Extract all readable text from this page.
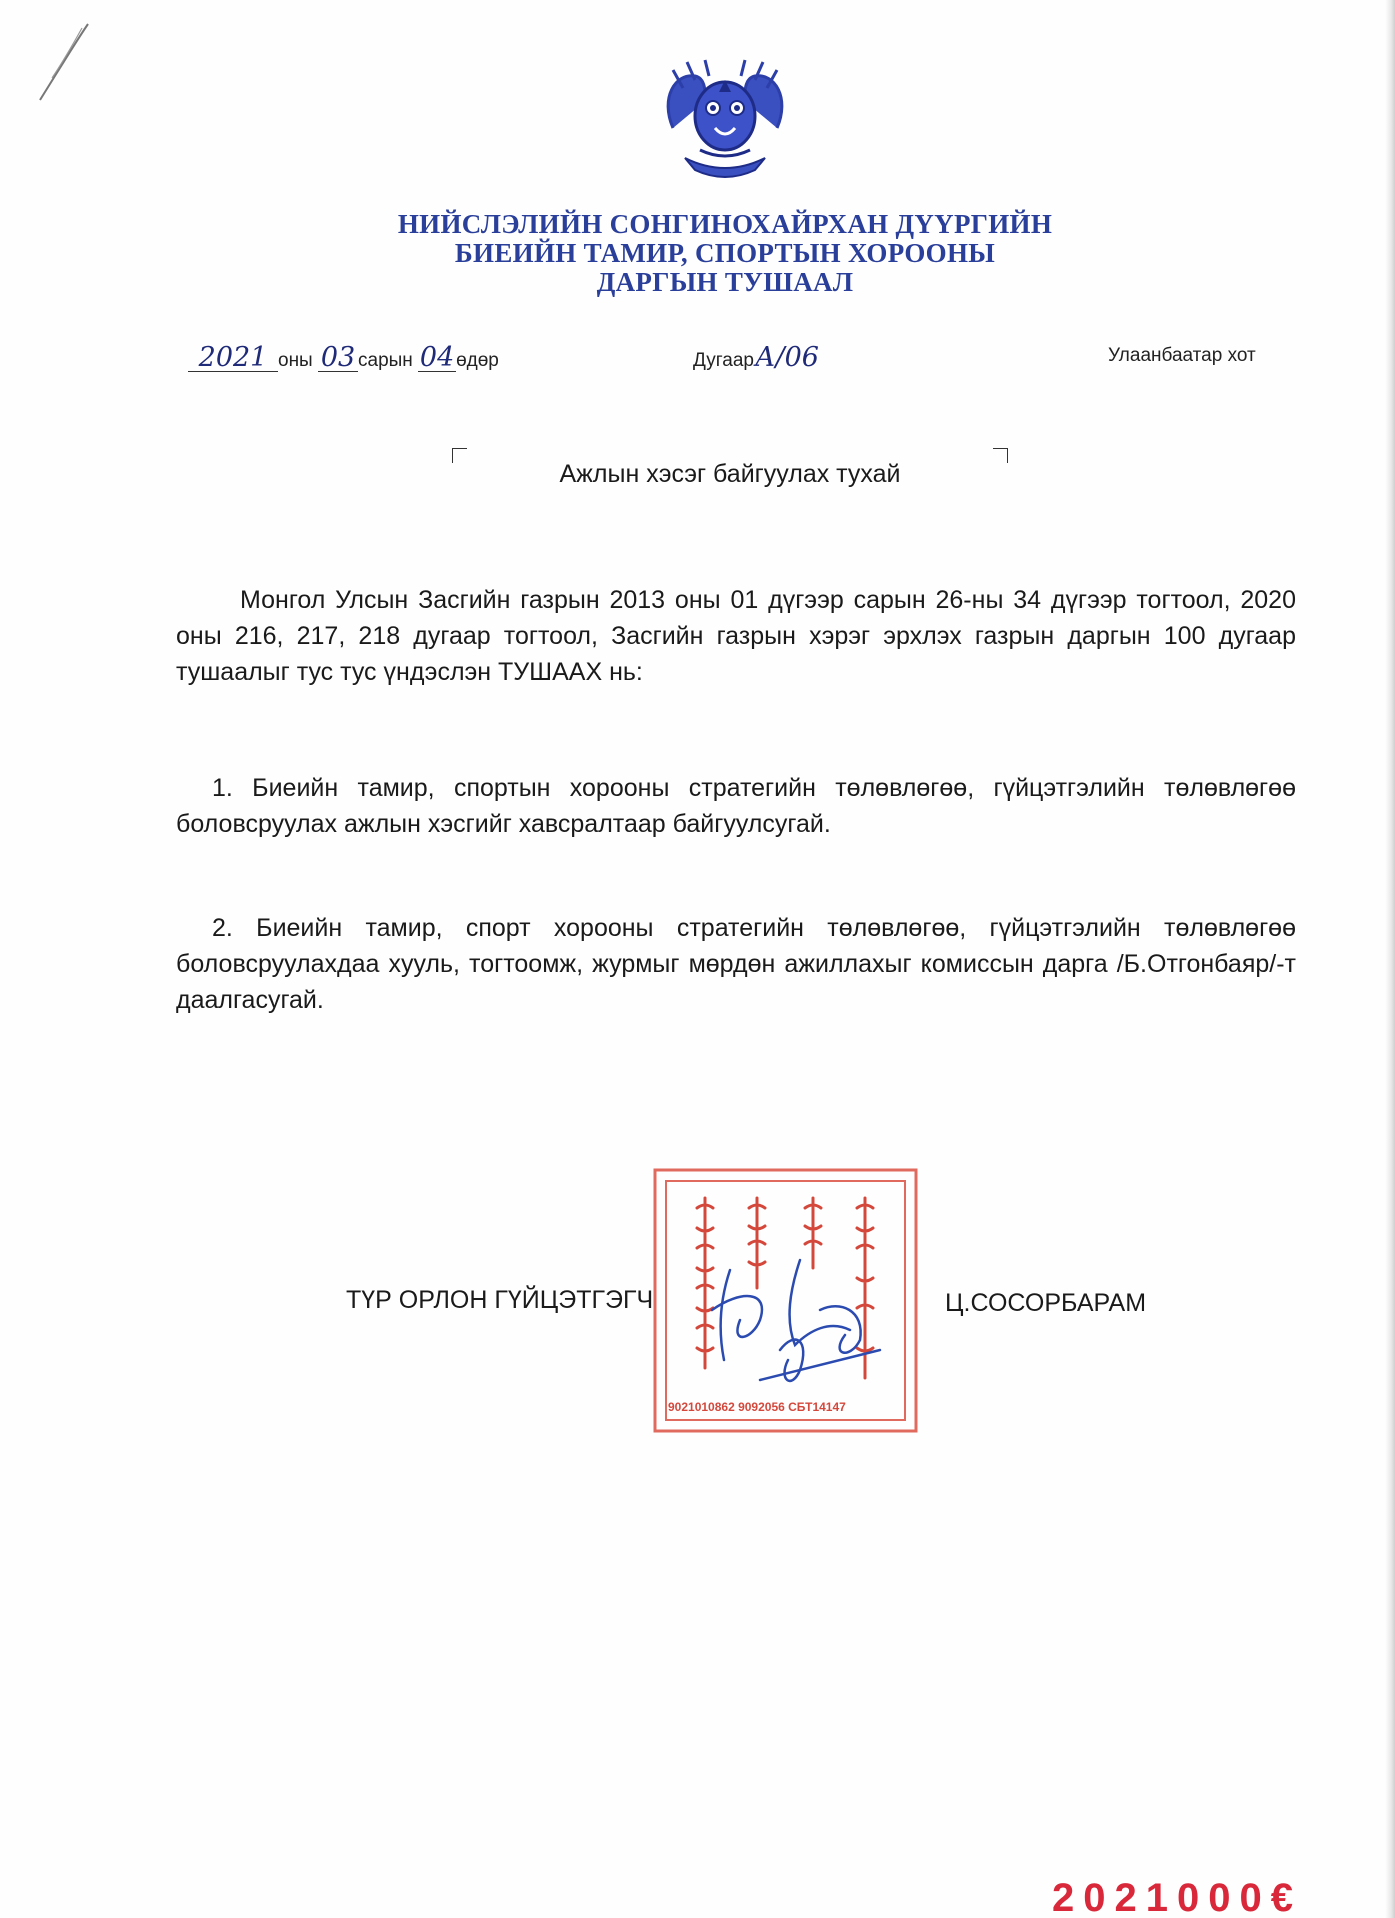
НИЙСЛЭЛИЙН СОНГИНОХАЙРХАН ДҮҮРГИЙН
БИЕИЙН ТАМИР, СПОРТЫН ХОРООНЫ
ДАРГЫН ТУШААЛ
2021 оны 03 сарын 04өдөр	ДугаарА/06	Улаанбаатар хот
Ажлын хэсэг байгуулах тухай
Монгол Улсын Засгийн газрын 2013 оны 01 дүгээр сарын 26-ны 34 дүгээр тогтоол, 2020 оны 216, 217, 218 дугаар тогтоол, Засгийн газрын хэрэг эрхлэх газрын даргын 100 дугаар тушаалыг тус тус үндэслэн ТУШААХ нь:
1. Биеийн тамир, спортын хорооны стратегийн төлөвлөгөө, гүйцэтгэлийн төлөвлөгөө боловсруулах ажлын хэсгийг хавсралтаар байгуулсугай.
2. Биеийн тамир, спорт хорооны стратегийн төлөвлөгөө, гүйцэтгэлийн төлөвлөгөө боловсруулахдаа хууль, тогтоомж, журмыг мөрдөн ажиллахыг комиссын дарга /Б.Отгонбаяр/-т даалгасугай.
9021010862 9092056 СБТ14147
ТҮР ОРЛОН ГҮЙЦЭТГЭГЧ	Ц.СОСОРБАРАМ
2021000€
